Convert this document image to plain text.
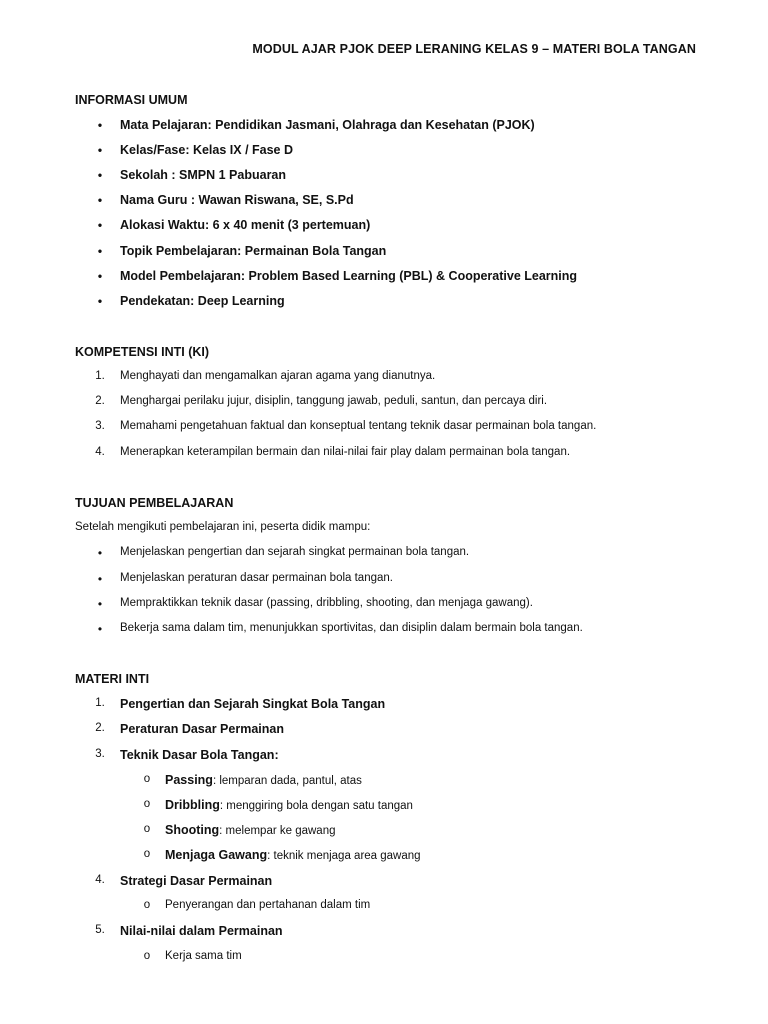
MODUL AJAR PJOK DEEP LERANING KELAS 9 – MATERI BOLA TANGAN
INFORMASI UMUM
•	Mata Pelajaran: Pendidikan Jasmani, Olahraga dan Kesehatan (PJOK)
•	Kelas/Fase: Kelas IX / Fase D
•	Sekolah : SMPN 1 Pabuaran
•	Nama Guru : Wawan Riswana, SE, S.Pd
•	Alokasi Waktu: 6 x 40 menit (3 pertemuan)
•	Topik Pembelajaran: Permainan Bola Tangan
•	Model Pembelajaran: Problem Based Learning (PBL) & Cooperative Learning
•	Pendekatan: Deep Learning
KOMPETENSI INTI (KI)
1.	Menghayati dan mengamalkan ajaran agama yang dianutnya.
2.	Menghargai perilaku jujur, disiplin, tanggung jawab, peduli, santun, dan percaya diri.
3.	Memahami pengetahuan faktual dan konseptual tentang teknik dasar permainan bola tangan.
4.	Menerapkan keterampilan bermain dan nilai-nilai fair play dalam permainan bola tangan.
TUJUAN PEMBELAJARAN
Setelah mengikuti pembelajaran ini, peserta didik mampu:
•	Menjelaskan pengertian dan sejarah singkat permainan bola tangan.
•	Menjelaskan peraturan dasar permainan bola tangan.
•	Mempraktikkan teknik dasar (passing, dribbling, shooting, dan menjaga gawang).
•	Bekerja sama dalam tim, menunjukkan sportivitas, dan disiplin dalam bermain bola tangan.
MATERI INTI
1.	Pengertian dan Sejarah Singkat Bola Tangan
2.	Peraturan Dasar Permainan
3.	Teknik Dasar Bola Tangan:
o	Passing: lemparan dada, pantul, atas
o	Dribbling: menggiring bola dengan satu tangan
o	Shooting: melempar ke gawang
o	Menjaga Gawang: teknik menjaga area gawang
4.	Strategi Dasar Permainan
o	Penyerangan dan pertahanan dalam tim
5.	Nilai-nilai dalam Permainan
o	Kerja sama tim
